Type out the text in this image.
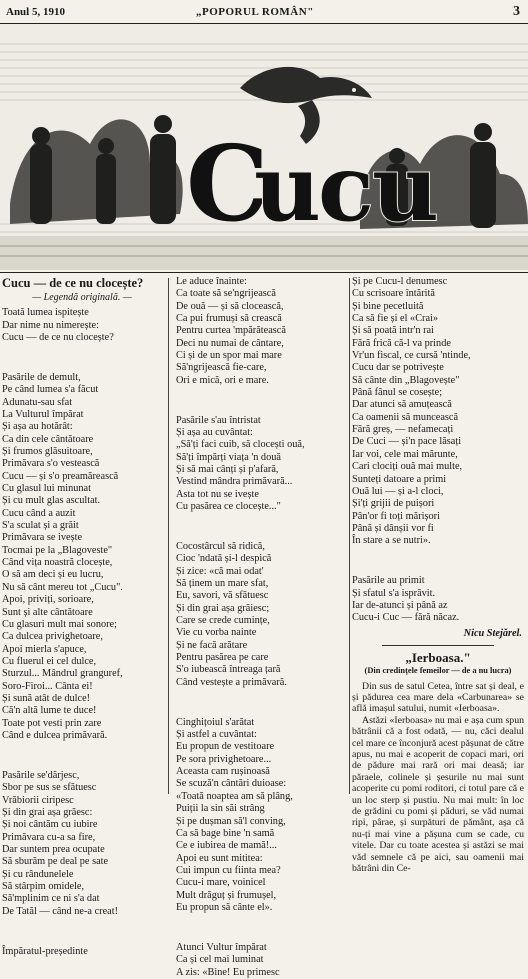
Anul 5, 1910	„POPORUL ROMÂN"	3
C
u
c
u

Cucu — de ce nu clocește?

— Legendă originală. —

Toată lumea ispitește

Dar nime nu nimerește:

Cucu — de ce nu clocește?

Pasările de demult,

Pe când lumea s'a făcut

Adunatu-sau sfat

La Vulturul împărat

Și așa au hotărât:

Ca din cele cântătoare

Și frumos glăsuitoare,

Primăvara s'o vestească

Cucu — și s'o preamărească

Cu glasul lui minunat

Și cu mult glas ascultat.

Cucu când a auzit

S'a sculat și a grăit

Primăvara se ivește

Tocmai pe la „Blagoveste"

Când vița noastră clocește,

O să am deci și eu lucru,

Nu să cânt mereu tot „Cucu".

Apoi, priviți, sorioare,

Sunt și alte cântătoare

Cu glasuri mult mai sonore;

Ca dulcea privighetoare,

Apoi mierla s'apuce,

Cu fluerul ei cel dulce,

Sturzul... Mândrul granguref,

Soro-Firoi... Cânta ei!

Și sună atât de dulce!

Că'n altă lume te duce!

Toate pot vesti prin zare

Când e dulcea primăvară.

Pasările se'dărjesc,

Sbor pe sus se sfătuesc

Vrăbiorii ciripesc

Și din grai așa grăesc:

Și noi cântăm cu iubire

Primăvara cu-a sa fire,

Dar suntem prea ocupate

Să sburăm pe deal pe sate

Și cu rândunelele

Să stârpim omidele,

Să'mplinim ce ni s'a dat

De Tatăl — când ne-a creat!

Împăratul-președinte

Le aduce înainte:

Ca toate să se'ngrijească

De ouă — și să clocească,

Ca pui frumuși să crească

Pentru curtea 'mpărătească

Deci nu numai de cântare,

Ci și de un spor mai mare

Să'ngrijească fie-care,

Ori e mică, ori e mare.

Pasările s'au întristat

Și așa au cuvântat:

„Să'ți faci cuib, să clocești ouă,

Să'ți împărți viața 'n două

Și să mai cânți și p'afară,

Vestind mândra primăvară...

Asta tot nu se ivește

Cu pasărea ce clocește..."

Cocostârcul să ridică,

Cioc 'ndată și-l despică

Și zice: «că mai odat'

Să ținem un mare sfat,

Eu, savori, vă sfătuesc

Și din grai așa grăiesc;

Care se crede cumințe,

Vie cu vorba nainte

Și ne facă arătare

Pentru pasărea pe care

S'o iubească întreaga țară

Când vestește a primăvară.

Cinghițoiul s'arătat

Și astfel a cuvântat:

Eu propun de vestitoare

Pe sora privighetoare...

Aceasta cam rușinoasă

Se scuză'n cântări duioase:

«Toată noaptea am să plâng,

Puiții la sin săi strâng

Și pe dușman să'l conving,

Ca să bage bine 'n samă

Ce e iubirea de mamă!...

Apoi eu sunt mititea:

Cui impun cu fiinta mea?

Cucu-i mare, voinicel

Mult drăguț și frumușel,

Eu propun să cânte el».

Atunci Vultur împărat

Ca și cel mai luminat

A zis: «Bine! Eu primesc

Și pe Cucu-l denumesc

Cu scrisoare întărită

Și bine pecetluită

Ca să fie și el «Crai»

Și să poată intr'n rai

Fără frică că-l va prinde

Vr'un fiscal, ce cursă 'ntinde,

Cucu dar se potrivește

Să cânte din „Blagovește"

Până fânul se cosește;

Dar atunci să amuțească

Ca oamenii să muncească

Fără greș, — nefamecați

De Cuci — și'n pace lăsați

Iar voi, cele mai mărunte,

Cari clociți ouă mai multe,

Sunteți datoare a primi

Ouă lui — și a-l cloci,

Și'ți grijii de puișori

Pân'or fi toți mărișori

Până și dânșii vor fi

În stare a se nutri».

Pasările au primit

Și sfatul s'a isprăvit.

Iar de-atunci și până az

Cucu-i Cuc — fără năcaz.

Nicu Stejărel.

„Ierboasa."

(Din credințele femeilor — de a nu lucra)

Din sus de satul Cetea, între sat și deal, e și pădurea cea mare dela «Carbunarea» se află imașul satului, numit «Ierboasa».

Astăzi «Ierboasa» nu mai e așa cum spun bătrânii că a fost odată, — nu, căci dealul cel mare ce înconjură acest pășunat de către apus, nu mai e acoperit de copaci mari, ori de pădure mai rară ori mai deasă; iar păraele, colinele și șesurile nu mai sunt acoperite cu pomi roditori, ci totul pare că e un loc sterp și pustiu. Nu mai mult: în loc de grădini cu pomi și păduri, se văd numai ripi, pârae, și surpături de pământ, așa că nu-ți mai vine a pășuna cum se cade, cu vitele. Dar cu toate acestea și astăzi se mai văd semnele că pe aici, sau oamenii mai bătrâni din Ce-
